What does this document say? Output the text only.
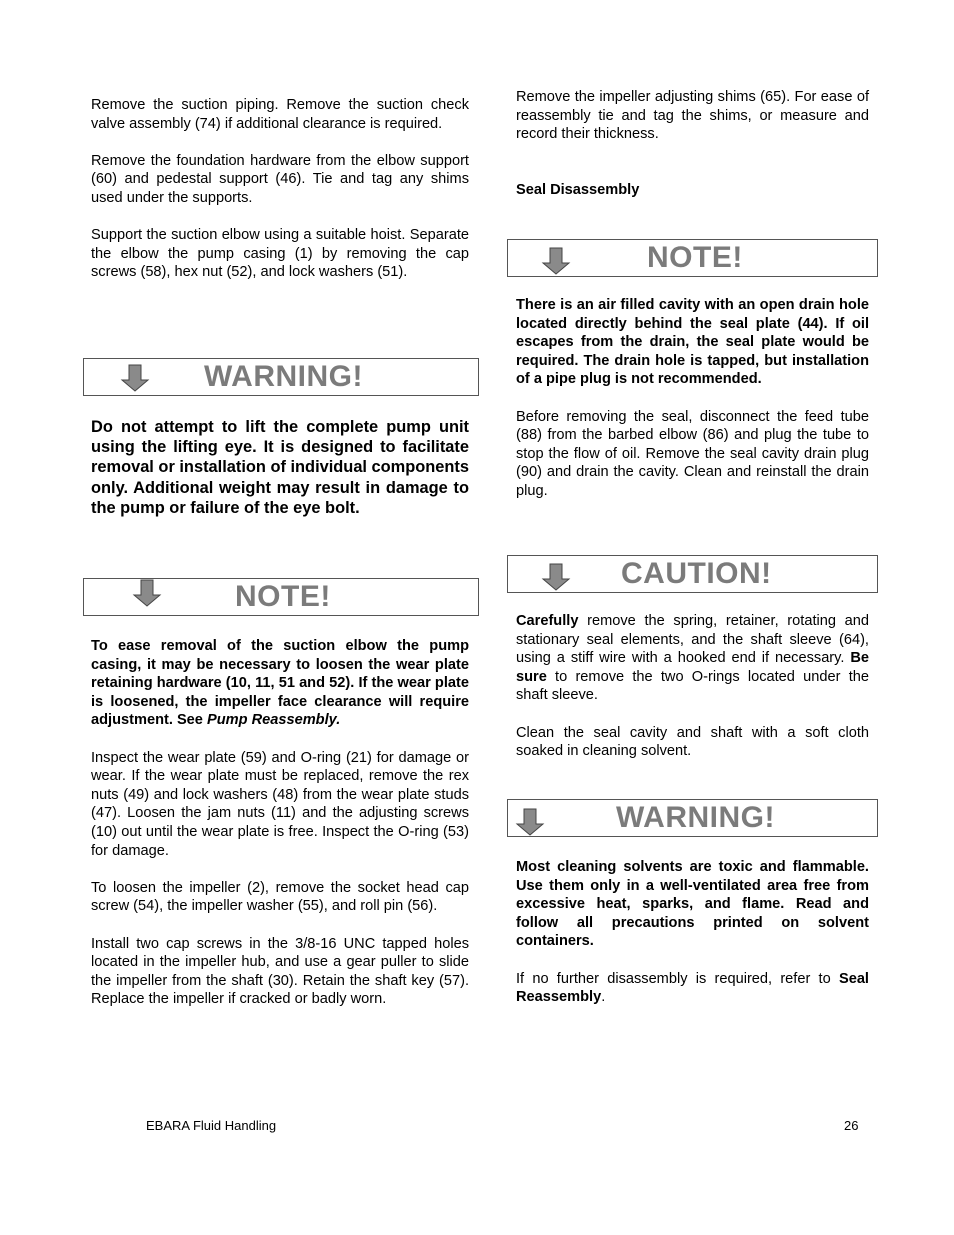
Remove the suction piping. Remove the suction check valve assembly (74) if additional clearance is required.

Remove the foundation hardware from the elbow support (60) and pedestal support (46). Tie and tag any shims used under the supports.

Support the suction elbow using a suitable hoist. Separate the elbow the pump casing (1) by removing the cap screws (58), hex nut (52), and lock washers (51).

WARNING!

Do not attempt to lift the complete pump unit using the lifting eye. It is designed to facilitate removal or installation of individual components only. Additional weight may result in damage to the pump or failure of the eye bolt.

NOTE!

To ease removal of the suction elbow the pump casing, it may be necessary to loosen the wear plate retaining hardware (10, 11, 51 and 52). If the wear plate is loosened, the impeller face clearance will require adjustment. See Pump Reassembly.

Inspect the wear plate (59) and O-ring (21) for damage or wear. If the wear plate must be replaced, remove the rex nuts (49) and lock washers (48) from the wear plate studs (47). Loosen the jam nuts (11) and the adjusting screws (10) out until the wear plate is free. Inspect the O-ring (53) for damage.

To loosen the impeller (2), remove the socket head cap screw (54), the impeller washer (55), and roll pin (56).

Install two cap screws in the 3/8-16 UNC tapped holes located in the impeller hub, and use a gear puller to slide the impeller from the shaft (30). Retain the shaft key (57). Replace the impeller if cracked or badly worn.

Remove the impeller adjusting shims (65). For ease of reassembly tie and tag the shims, or measure and record their thickness.

Seal Disassembly

NOTE!

There is an air filled cavity with an open drain hole located directly behind the seal plate (44). If oil escapes from the drain, the seal plate would be required. The drain hole is tapped, but installation of a pipe plug is not recommended.

Before removing the seal, disconnect the feed tube (88) from the barbed elbow (86) and plug the tube to stop the flow of oil. Remove the seal cavity drain plug (90) and drain the cavity. Clean and reinstall the drain plug.

CAUTION!

Carefully remove the spring, retainer, rotating and stationary seal elements, and the shaft sleeve (64), using a stiff wire with a hooked end if necessary. Be sure to remove the two O-rings located under the shaft sleeve.

Clean the seal cavity and shaft with a soft cloth soaked in cleaning solvent.

WARNING!

Most cleaning solvents are toxic and flammable. Use them only in a well-ventilated area free from excessive heat, sparks, and flame. Read and follow all precautions printed on solvent containers.

If no further disassembly is required, refer to Seal Reassembly.

EBARA Fluid Handling	26
